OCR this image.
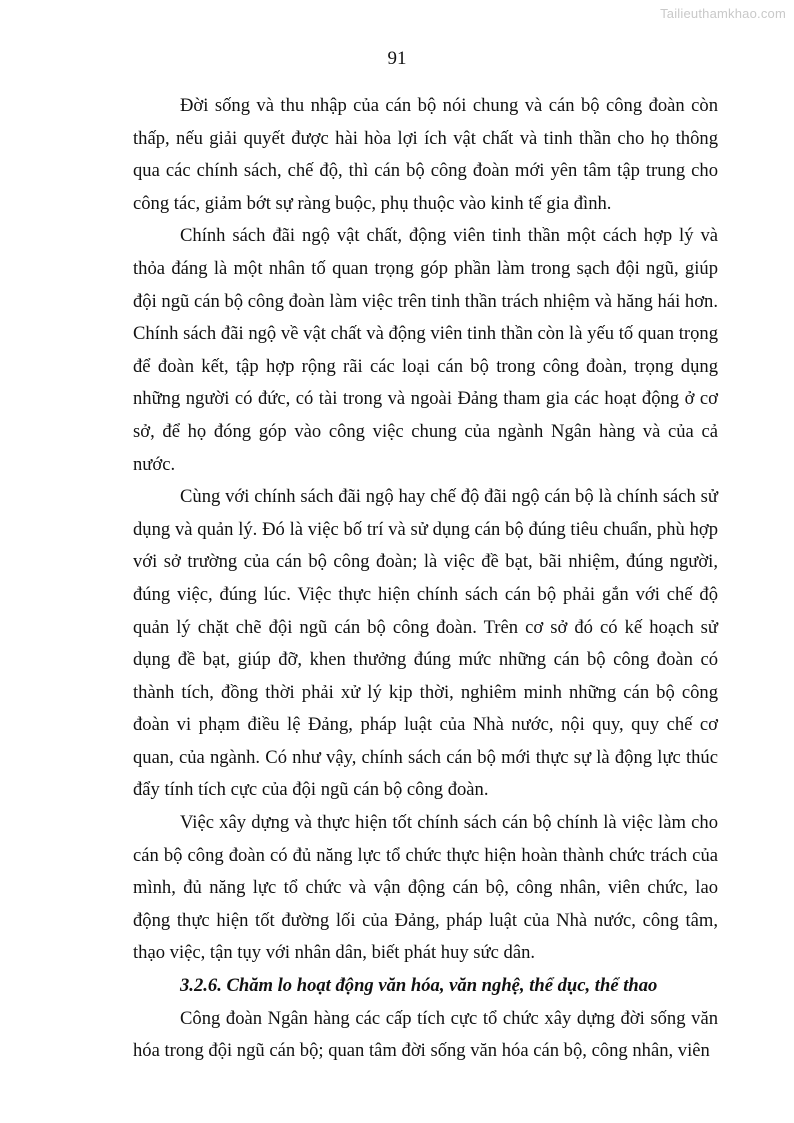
Tailieuthamkhao.com
91

Đời sống và thu nhập của cán bộ nói chung và cán bộ công đoàn còn thấp, nếu giải quyết được hài hòa lợi ích vật chất và tinh thần cho họ thông qua các chính sách, chế độ, thì cán bộ công đoàn mới yên tâm tập trung cho công tác, giảm bớt sự ràng buộc, phụ thuộc vào kinh tế gia đình.

Chính sách đãi ngộ vật chất, động viên tinh thần một cách hợp lý và thỏa đáng là một nhân tố quan trọng góp phần làm trong sạch đội ngũ, giúp đội ngũ cán bộ công đoàn làm việc trên tinh thần trách nhiệm và hăng hái hơn. Chính sách đãi ngộ về vật chất và động viên tinh thần còn là yếu tố quan trọng để đoàn kết, tập hợp rộng rãi các loại cán bộ trong công đoàn, trọng dụng những người có đức, có tài trong và ngoài Đảng tham gia các hoạt động ở cơ sở, để họ đóng góp vào công việc chung của ngành Ngân hàng và của cả nước.

Cùng với chính sách đãi ngộ hay chế độ đãi ngộ cán bộ là chính sách sử dụng và quản lý. Đó là việc bố trí và sử dụng cán bộ đúng tiêu chuẩn, phù hợp với sở trường của cán bộ công đoàn; là việc đề bạt, bãi nhiệm, đúng người, đúng việc, đúng lúc. Việc thực hiện chính sách cán bộ phải gắn với chế độ quản lý chặt chẽ đội ngũ cán bộ công đoàn. Trên cơ sở đó có kế hoạch sử dụng đề bạt, giúp đỡ, khen thưởng đúng mức những cán bộ công đoàn có thành tích, đồng thời phải xử lý kịp thời, nghiêm minh những cán bộ công đoàn vi phạm điều lệ Đảng, pháp luật của Nhà nước, nội quy, quy chế cơ quan, của ngành. Có như vậy, chính sách cán bộ mới thực sự là động lực thúc đẩy tính tích cực của đội ngũ cán bộ công đoàn.

Việc xây dựng và thực hiện tốt chính sách cán bộ chính là việc làm cho cán bộ công đoàn có đủ năng lực tổ chức thực hiện hoàn thành chức trách của mình, đủ năng lực tổ chức và vận động cán bộ, công nhân, viên chức, lao động thực hiện tốt đường lối của Đảng, pháp luật của Nhà nước, công tâm, thạo việc, tận tụy với nhân dân, biết phát huy sức dân.

3.2.6. Chăm lo hoạt động văn hóa, văn nghệ, thể dục, thể thao

Công đoàn Ngân hàng các cấp tích cực tổ chức xây dựng đời sống văn hóa trong đội ngũ cán bộ; quan tâm đời sống văn hóa cán bộ, công nhân, viên
